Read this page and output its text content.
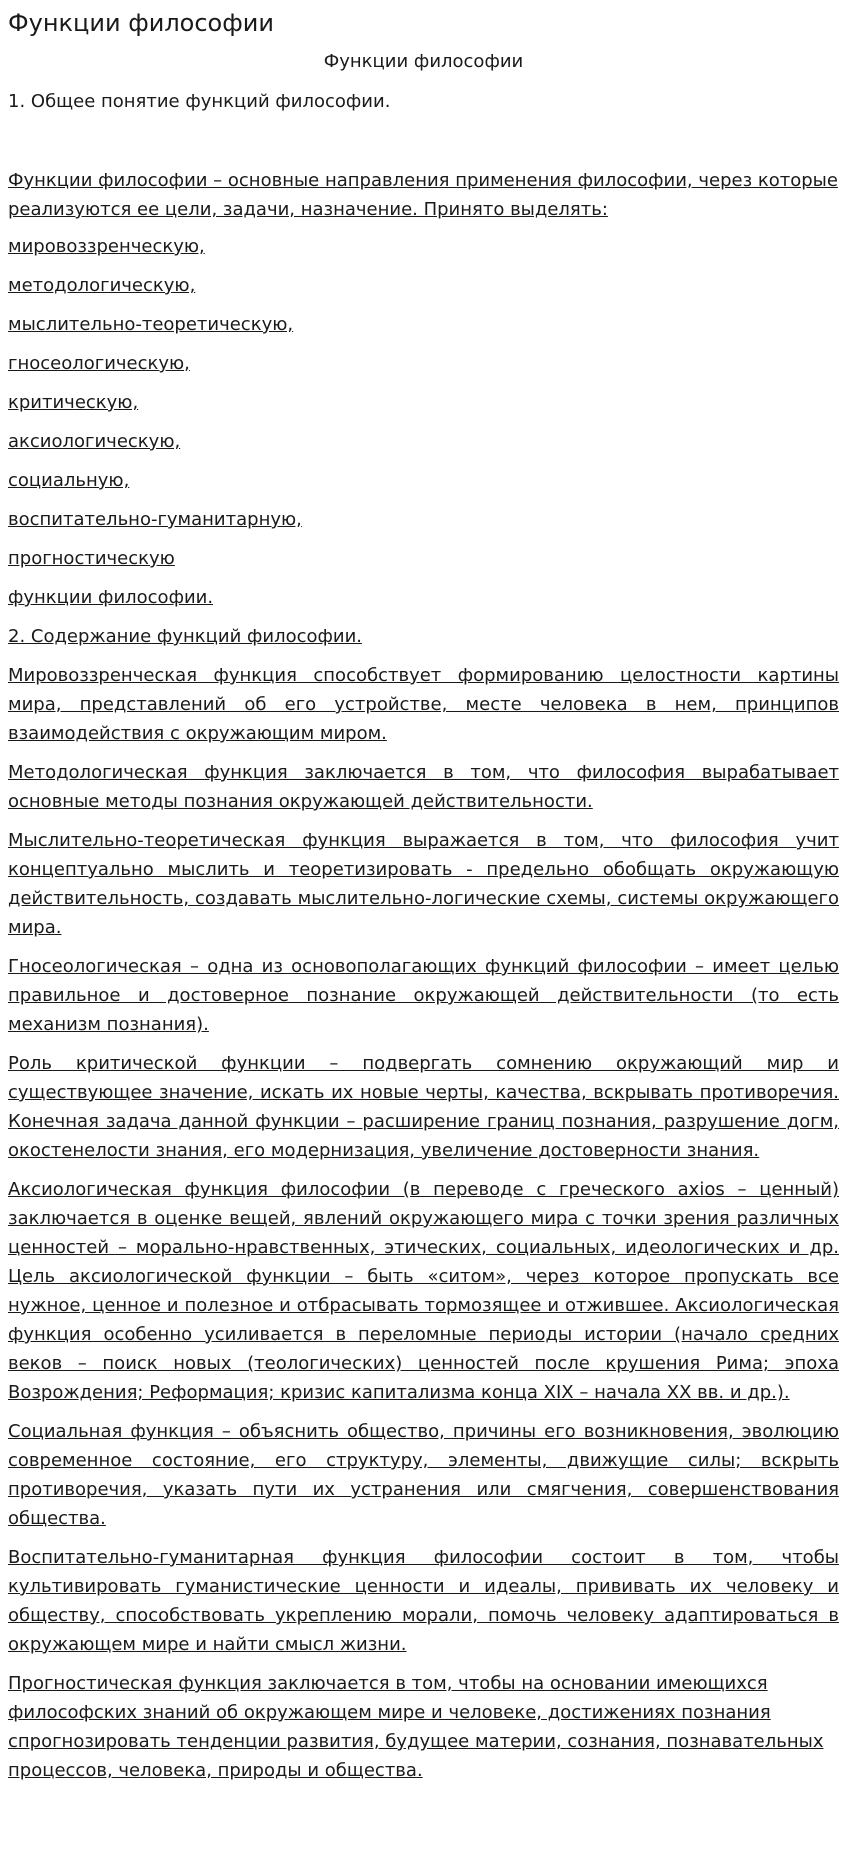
Функции философии
Функции философии
1. Общее понятие функций философии.

Функции философии – основные направления применения философии, через которые реализуются ее цели, задачи, назначение. Принято выделять:

мировоззренческую,

методологическую,

мыслительно-теоретическую,

гносеологическую,

критическую,

аксиологическую,

социальную,

воспитательно-гуманитарную,

прогностическую

функции философии.

2. Содержание функций философии.

Мировоззренческая функция способствует формированию целостности картины мира, представлений об его устройстве, месте человека в нем, принципов взаимодействия с окружающим миром.

Методологическая функция заключается в том, что философия вырабатывает основные методы познания окружающей действительности.

Мыслительно-теоретическая функция выражается в том, что философия учит концептуально мыслить и теоретизировать - предельно обобщать окружающую действительность, создавать мыслительно-логические схемы, системы окружающего мира.

Гносеологическая – одна из основополагающих функций философии – имеет целью правильное и достоверное познание окружающей действительности (то есть механизм познания).

Роль критической функции – подвергать сомнению окружающий мир и существующее значение, искать их новые черты, качества, вскрывать противоречия. Конечная задача данной функции – расширение границ познания, разрушение догм, окостенелости знания, его модернизация, увеличение достоверности знания.

Аксиологическая функция философии (в переводе с греческого axios – ценный) заключается в оценке вещей, явлений окружающего мира с точки зрения различных ценностей – морально-нравственных, этических, социальных, идеологических и др. Цель аксиологической функции – быть «ситом», через которое пропускать все нужное, ценное и полезное и отбрасывать тормозящее и отжившее. Аксиологическая функция особенно усиливается в переломные периоды истории (начало средних веков – поиск новых (теологических) ценностей после крушения Рима; эпоха Возрождения; Реформация; кризис капитализма конца XIX – начала XX вв. и др.).

Социальная функция – объяснить общество, причины его возникновения, эволюцию современное состояние, его структуру, элементы, движущие силы; вскрыть противоречия, указать пути их устранения или смягчения, совершенствования общества.

Воспитательно-гуманитарная функция философии состоит в том, чтобы культивировать гуманистические ценности и идеалы, прививать их человеку и обществу, способствовать укреплению морали, помочь человеку адаптироваться в окружающем мире и найти смысл жизни.

Прогностическая функция заключается в том, чтобы на основании имеющихся философских знаний об окружающем мире и человеке, достижениях познания спрогнозировать тенденции развития, будущее материи, сознания, познавательных процессов, человека, природы и общества.
